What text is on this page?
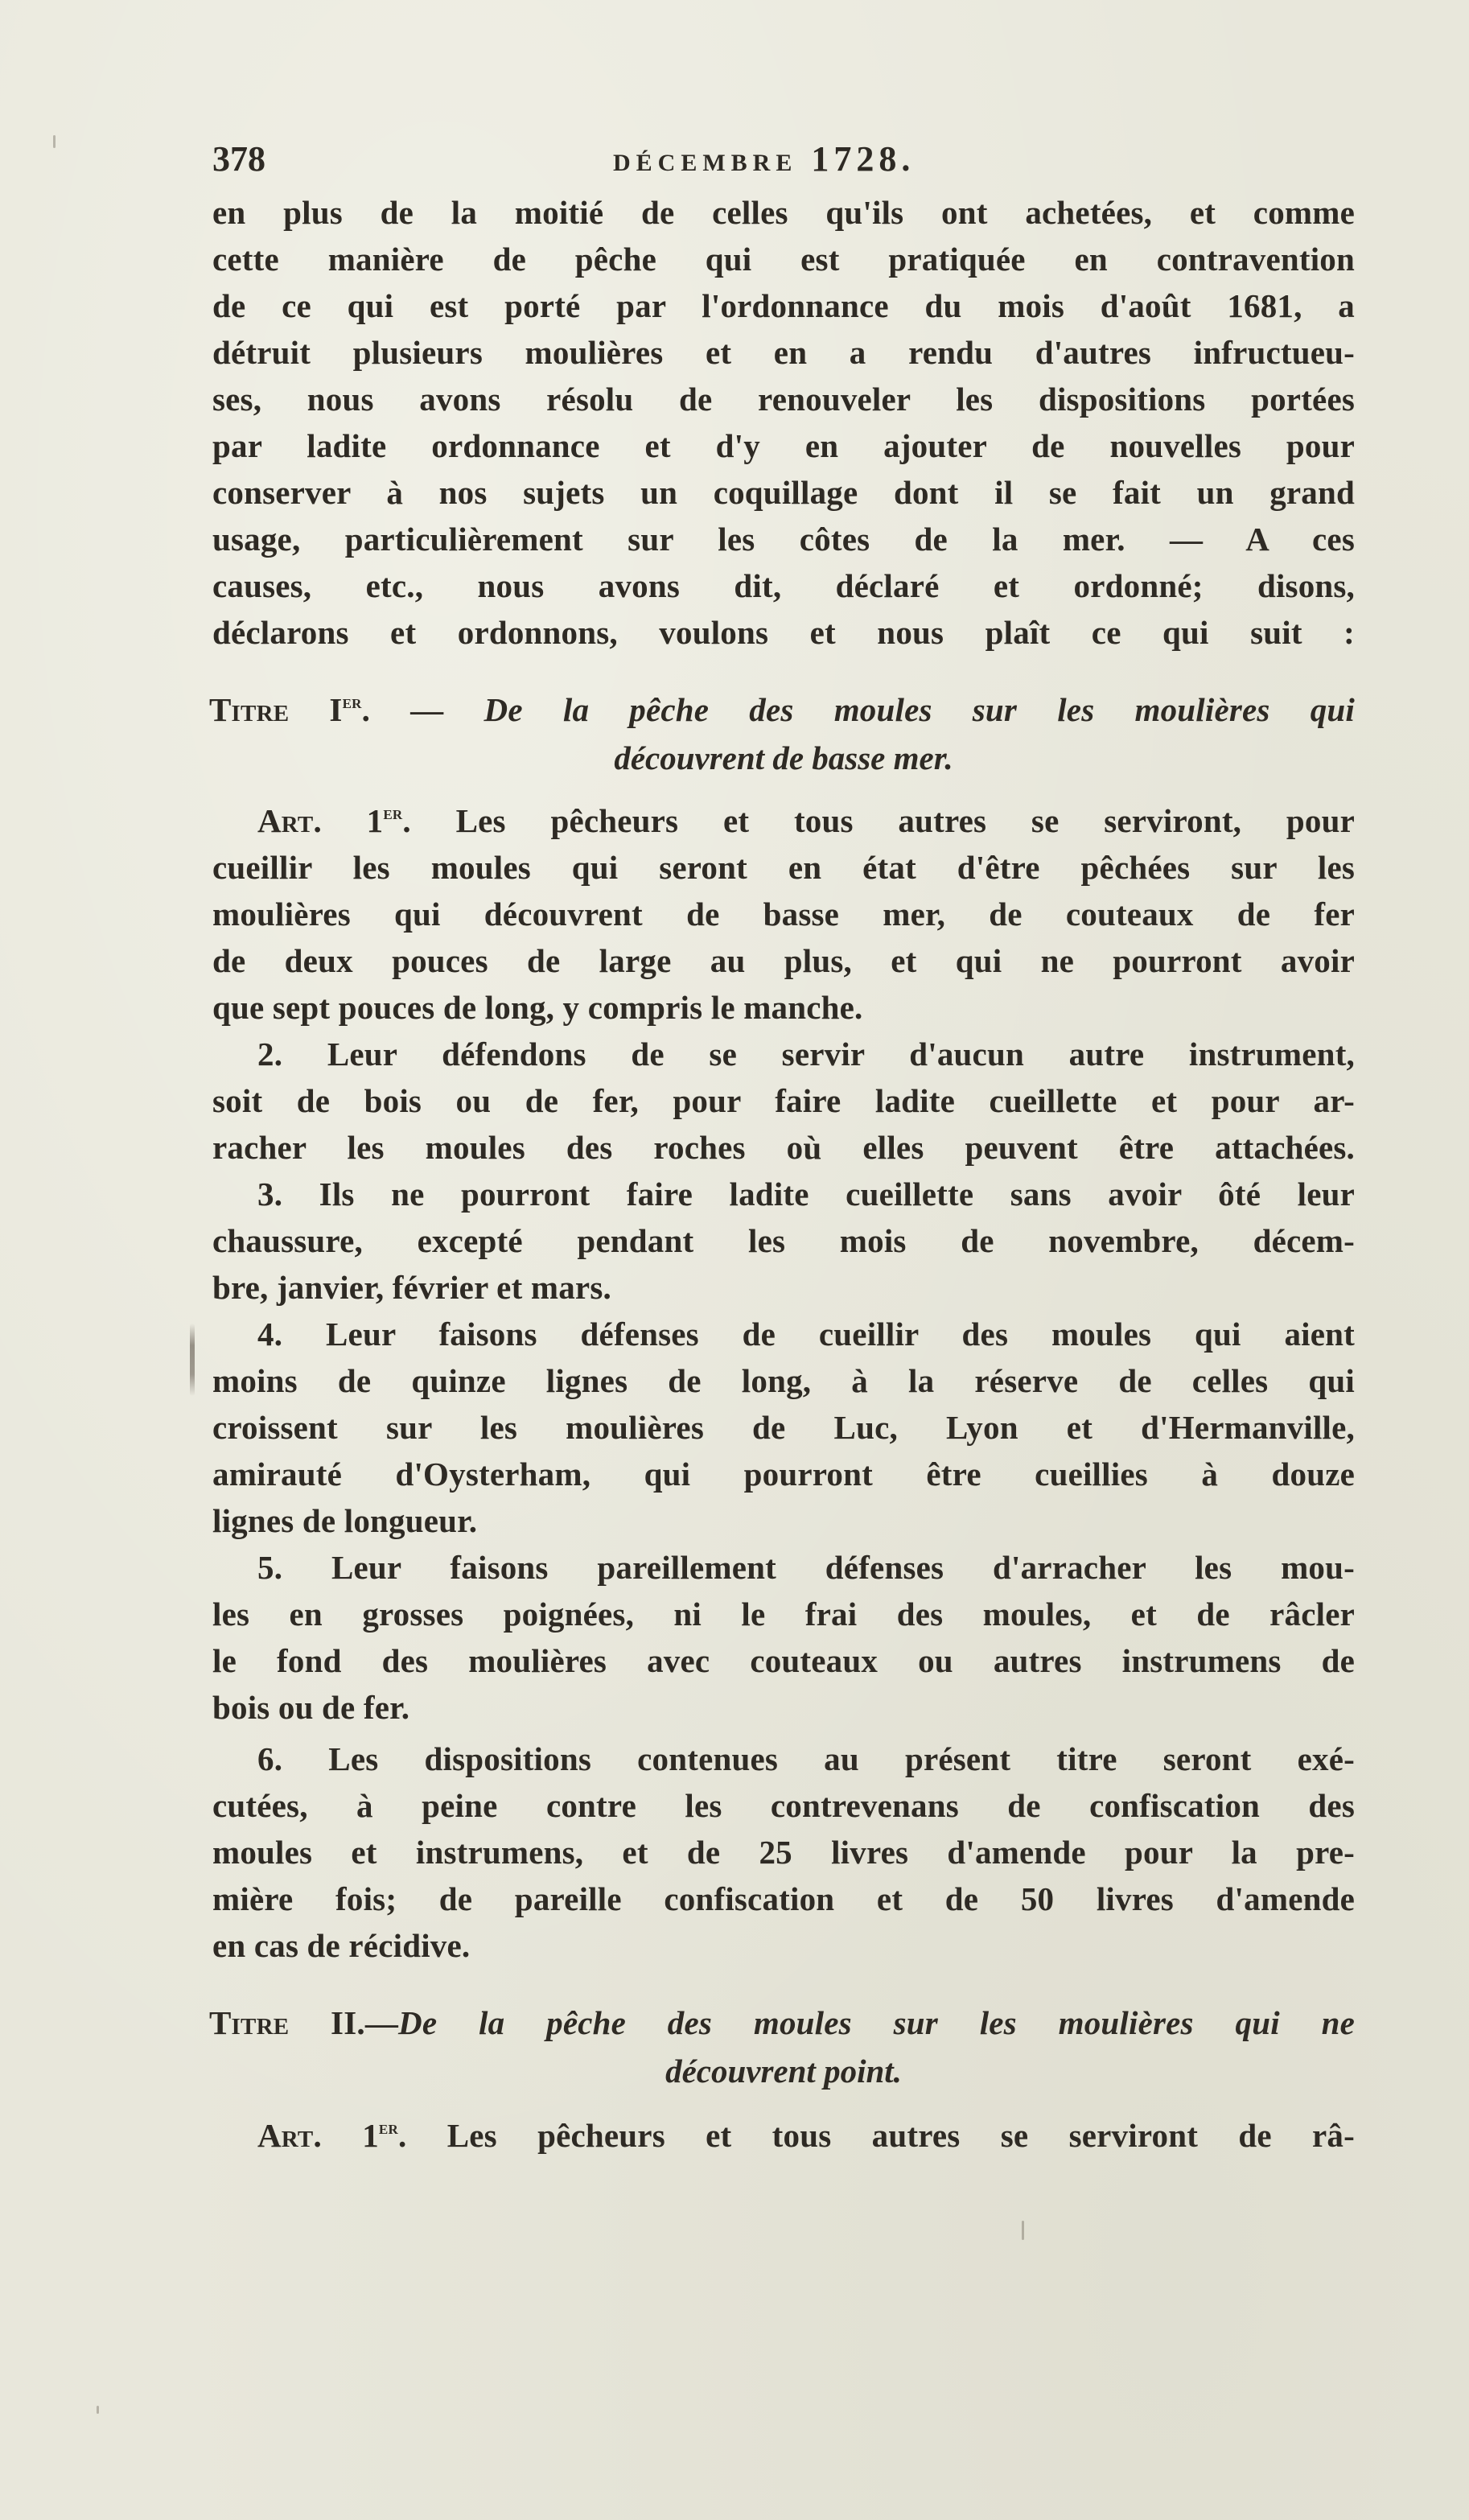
378	DÉCEMBRE 1728.
en plus de la moitié de celles qu'ils ont achetées, et comme
cette manière de pêche qui est pratiquée en contravention
de ce qui est porté par l'ordonnance du mois d'août 1681, a
détruit plusieurs moulières et en a rendu d'autres infructueu-
ses, nous avons résolu de renouveler les dispositions portées
par ladite ordonnance et d'y en ajouter de nouvelles pour
conserver à nos sujets un coquillage dont il se fait un grand
usage, particulièrement sur les côtes de la mer. — A ces
causes, etc., nous avons dit, déclaré et ordonné; disons,
déclarons et ordonnons, voulons et nous plaît ce qui suit :
Titre Ier. — De la pêche des moules sur les moulières qui
découvrent de basse mer.
Art. 1er. Les pêcheurs et tous autres se serviront, pour
cueillir les moules qui seront en état d'être pêchées sur les
moulières qui découvrent de basse mer, de couteaux de fer
de deux pouces de large au plus, et qui ne pourront avoir
que sept pouces de long, y compris le manche.
2. Leur défendons de se servir d'aucun autre instrument,
soit de bois ou de fer, pour faire ladite cueillette et pour ar-
racher les moules des roches où elles peuvent être attachées.
3. Ils ne pourront faire ladite cueillette sans avoir ôté leur
chaussure, excepté pendant les mois de novembre, décem-
bre, janvier, février et mars.
4. Leur faisons défenses de cueillir des moules qui aient
moins de quinze lignes de long, à la réserve de celles qui
croissent sur les moulières de Luc, Lyon et d'Hermanville,
amirauté d'Oysterham, qui pourront être cueillies à douze
lignes de longueur.
5. Leur faisons pareillement défenses d'arracher les mou-
les en grosses poignées, ni le frai des moules, et de râcler
le fond des moulières avec couteaux ou autres instrumens de
bois ou de fer.
6. Les dispositions contenues au présent titre seront exé-
cutées, à peine contre les contrevenans de confiscation des
moules et instrumens, et de 25 livres d'amende pour la pre-
mière fois; de pareille confiscation et de 50 livres d'amende
en cas de récidive.
Titre II.—De la pêche des moules sur les moulières qui ne
découvrent point.
Art. 1er. Les pêcheurs et tous autres se serviront de râ-
